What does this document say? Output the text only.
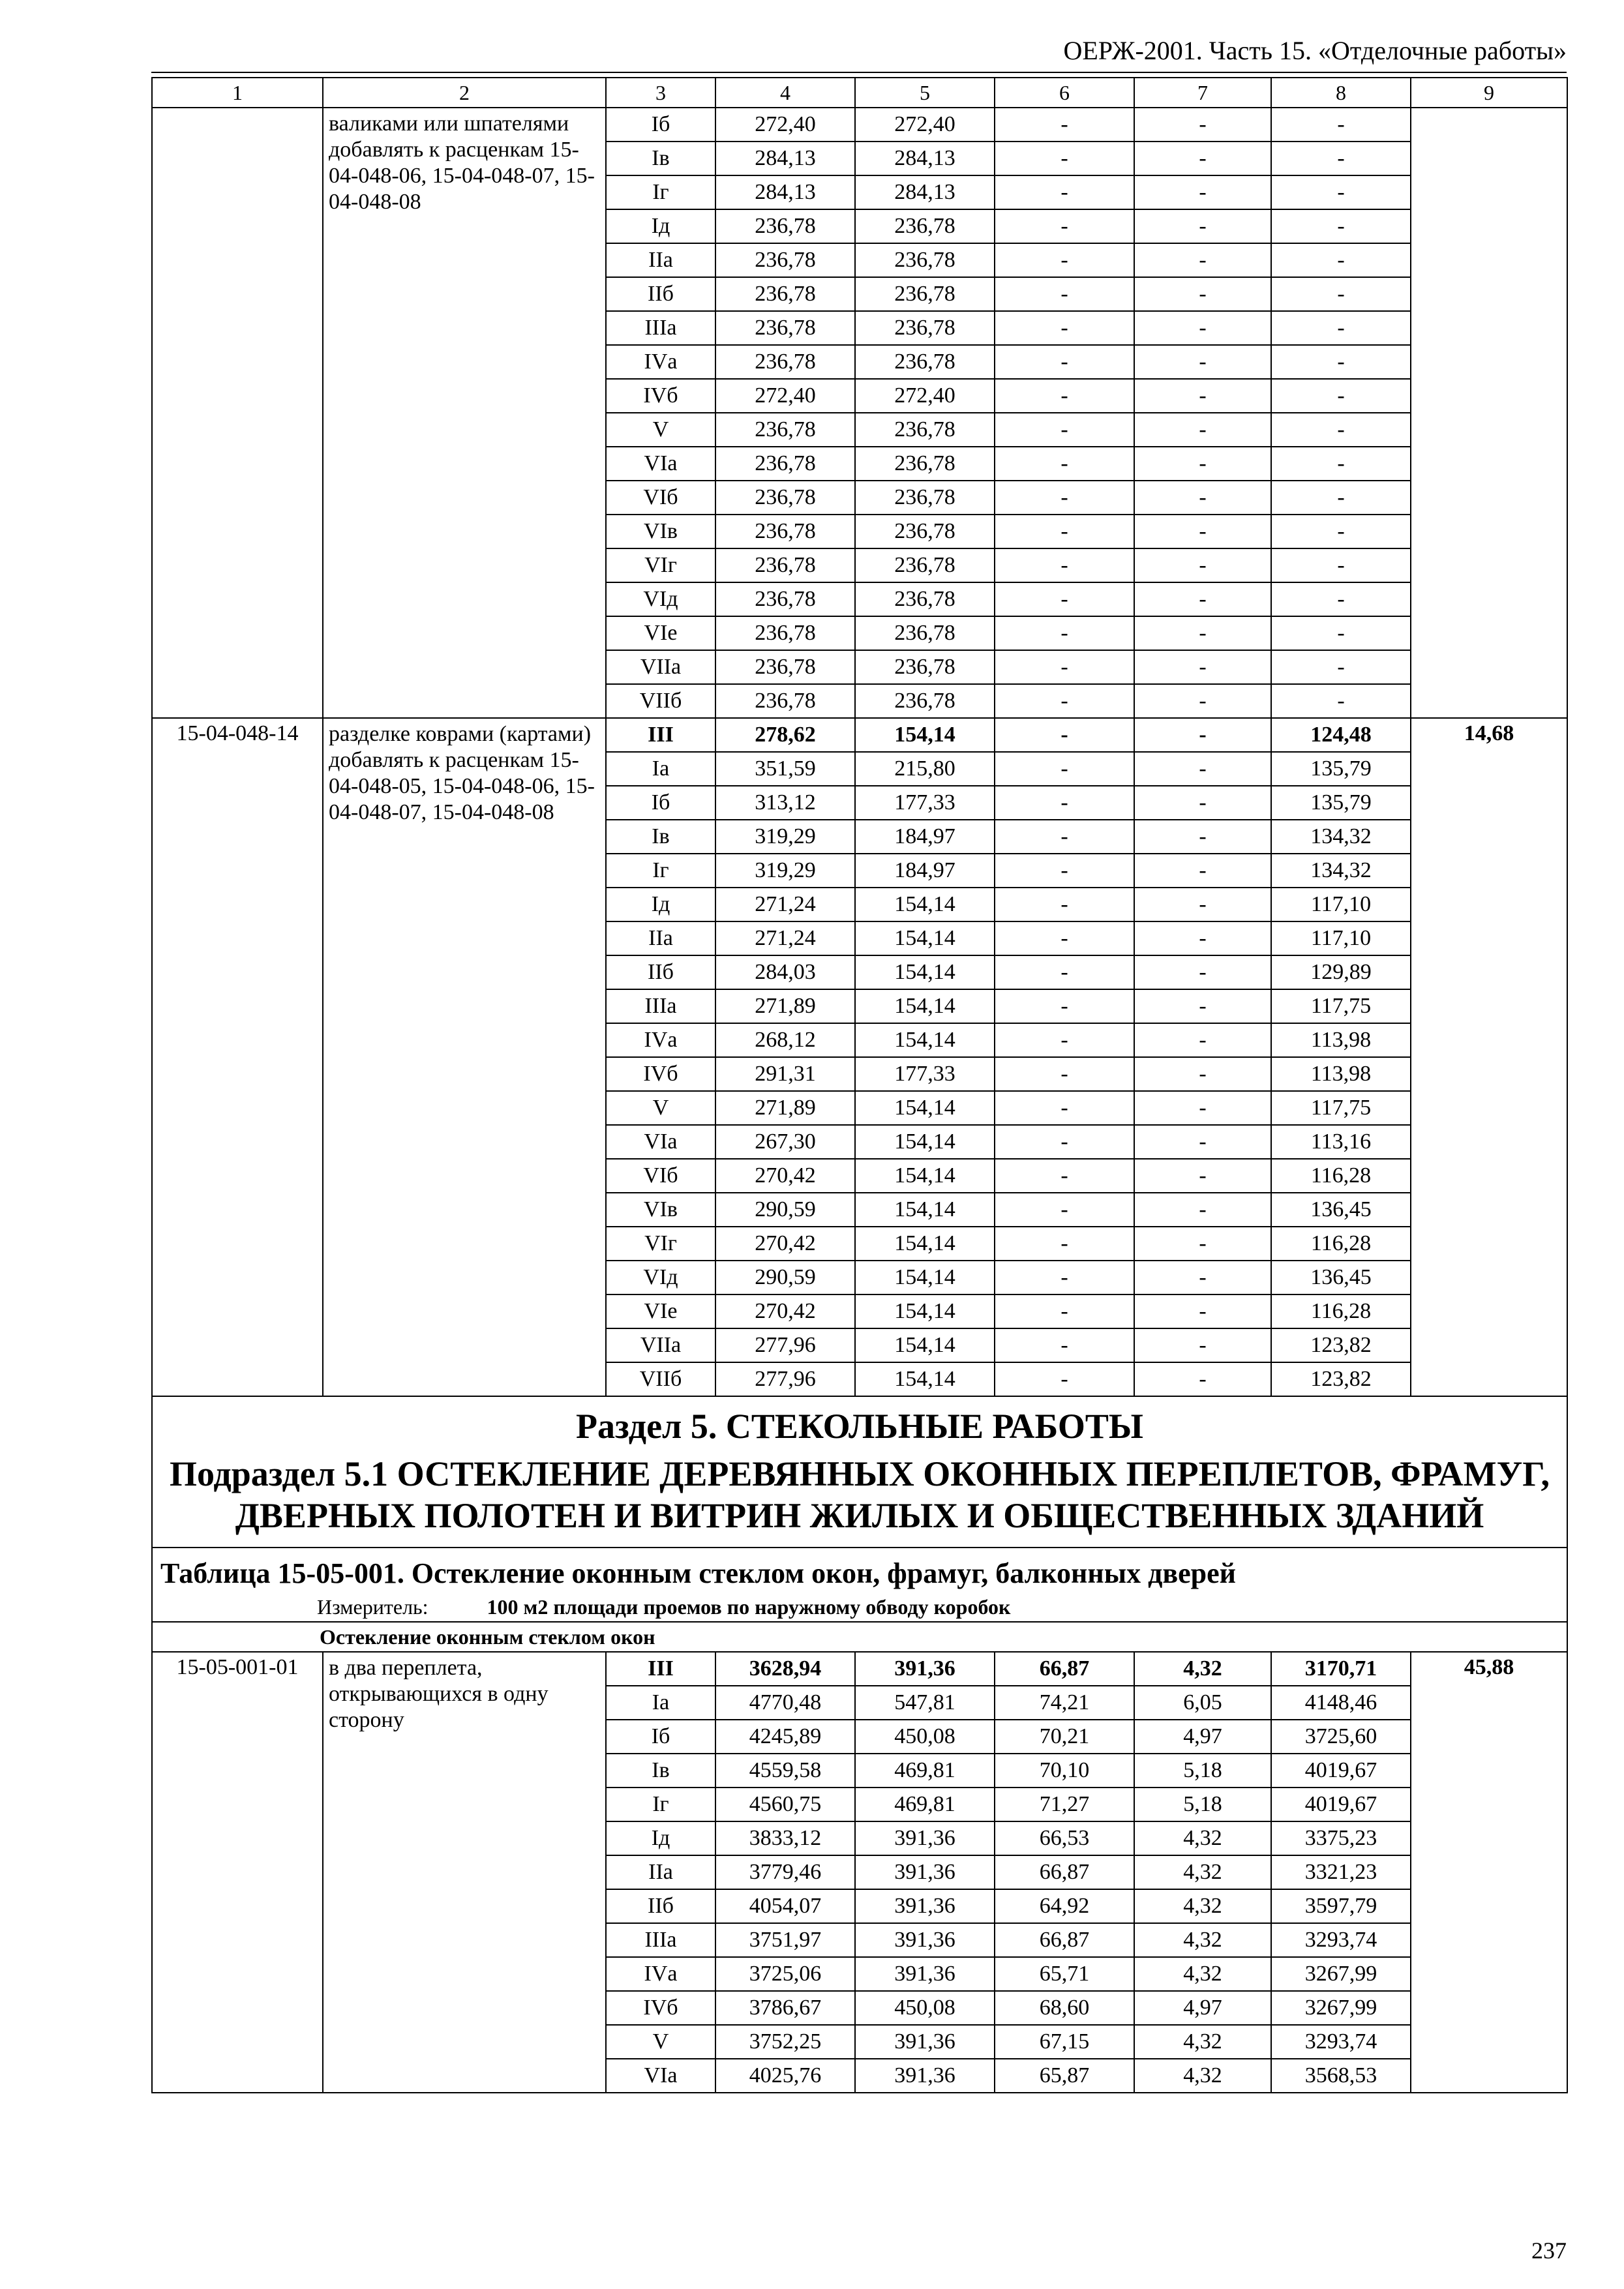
ОЕРЖ-2001. Часть 15. «Отделочные работы»
1	2	3	4	5	6	7	8	9
	валиками или шпателями добавлять к расценкам 15-04-048-06, 15-04-048-07, 15-04-048-08	Iб	272,40	272,40	-	-	-	
		Iв	284,13	284,13	-	-	-	
		Iг	284,13	284,13	-	-	-	
		Iд	236,78	236,78	-	-	-	
		IIа	236,78	236,78	-	-	-	
		IIб	236,78	236,78	-	-	-	
		IIIа	236,78	236,78	-	-	-	
		IVа	236,78	236,78	-	-	-	
		IVб	272,40	272,40	-	-	-	
		V	236,78	236,78	-	-	-	
		VIа	236,78	236,78	-	-	-	
		VIб	236,78	236,78	-	-	-	
		VIв	236,78	236,78	-	-	-	
		VIг	236,78	236,78	-	-	-	
		VIд	236,78	236,78	-	-	-	
		VIе	236,78	236,78	-	-	-	
		VIIа	236,78	236,78	-	-	-	
		VIIб	236,78	236,78	-	-	-	
15-04-048-14	разделке коврами (картами) добавлять к расценкам 15-04-048-05, 15-04-048-06, 15-04-048-07, 15-04-048-08	III	278,62	154,14	-	-	124,48	14,68
		Iа	351,59	215,80	-	-	135,79	
		Iб	313,12	177,33	-	-	135,79	
		Iв	319,29	184,97	-	-	134,32	
		Iг	319,29	184,97	-	-	134,32	
		Iд	271,24	154,14	-	-	117,10	
		IIа	271,24	154,14	-	-	117,10	
		IIб	284,03	154,14	-	-	129,89	
		IIIа	271,89	154,14	-	-	117,75	
		IVа	268,12	154,14	-	-	113,98	
		IVб	291,31	177,33	-	-	113,98	
		V	271,89	154,14	-	-	117,75	
		VIа	267,30	154,14	-	-	113,16	
		VIб	270,42	154,14	-	-	116,28	
		VIв	290,59	154,14	-	-	136,45	
		VIг	270,42	154,14	-	-	116,28	
		VIд	290,59	154,14	-	-	136,45	
		VIе	270,42	154,14	-	-	116,28	
		VIIа	277,96	154,14	-	-	123,82	
		VIIб	277,96	154,14	-	-	123,82	

Раздел 5. СТЕКОЛЬНЫЕ РАБОТЫ
Подраздел 5.1 ОСТЕКЛЕНИЕ ДЕРЕВЯННЫХ ОКОННЫХ ПЕРЕПЛЕТОВ, ФРАМУГ, ДВЕРНЫХ ПОЛОТЕН И ВИТРИН ЖИЛЫХ И ОБЩЕСТВЕННЫХ ЗДАНИЙ								

Таблица 15-05-001. Остекление оконным стеклом окон, фрамуг, балконных дверей
Измеритель: 100 м2 площади проемов по наружному обводу коробок								

Остекление оконным стеклом окон								
15-05-001-01	в два переплета, открывающихся в одну сторону	III	3628,94	391,36	66,87	4,32	3170,71	45,88
		Iа	4770,48	547,81	74,21	6,05	4148,46	
		Iб	4245,89	450,08	70,21	4,97	3725,60	
		Iв	4559,58	469,81	70,10	5,18	4019,67	
		Iг	4560,75	469,81	71,27	5,18	4019,67	
		Iд	3833,12	391,36	66,53	4,32	3375,23	
		IIа	3779,46	391,36	66,87	4,32	3321,23	
		IIб	4054,07	391,36	64,92	4,32	3597,79	
		IIIа	3751,97	391,36	66,87	4,32	3293,74	
		IVа	3725,06	391,36	65,71	4,32	3267,99	
		IVб	3786,67	450,08	68,60	4,97	3267,99	
		V	3752,25	391,36	67,15	4,32	3293,74	
		VIа	4025,76	391,36	65,87	4,32	3568,53	
237
